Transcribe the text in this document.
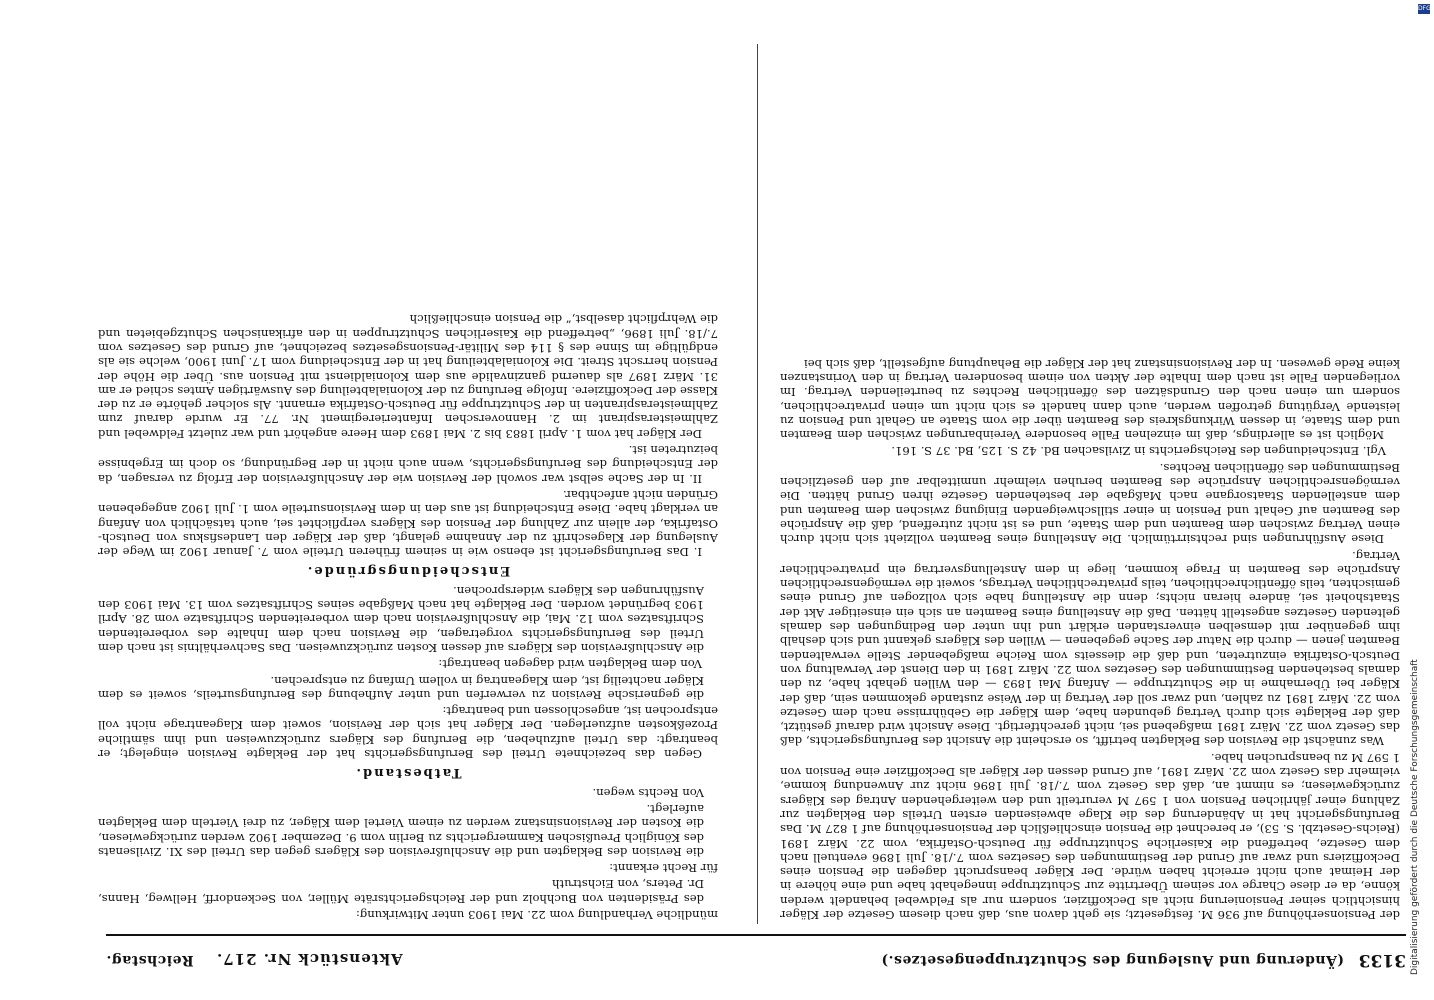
3133
(Änderung und Auslegung des Schutztruppengesetzes.)
Aktenstück Nr. 217.
Reichstag.

der Pensionserhöhung auf 936 M. festgesetzt; sie geht davon aus, daß nach diesem Gesetze der Kläger hinsichtlich seiner Pensionierung nicht als Deckoffizier, sondern nur als Feldwebel behandelt werden könne, da er diese Charge vor seinem Übertritte zur Schutztruppe innegehabt habe und eine höhere in der Heimat auch nicht erreicht haben würde. Der Kläger beansprucht dagegen die Pension eines Deckoffiziers und zwar auf Grund der Bestimmungen des Gesetzes vom 7./18. Juli 1896 eventuell nach dem Gesetze, betreffend die Kaiserliche Schutztruppe für Deutsch-Ostafrika, vom 22. März 1891 (Reichs-Gesetzbl. S. 53), er berechnet die Pension einschließlich der Pensionserhöhung auf 1 827 M. Das Berufungsgericht hat in Abänderung des die Klage abweisenden ersten Urteils den Beklagten zur Zahlung einer jährlichen Pension von 1 597 M verurteilt und den weitergehenden Antrag des Klägers zurückgewiesen; es nimmt an, daß das Gesetz vom 7./18. Juli 1896 nicht zur Anwendung komme, vielmehr das Gesetz vom 22. März 1891, auf Grund dessen der Kläger als Deckoffizier eine Pension von 1 597 M zu beanspruchen habe.

Was zunächst die Revision des Beklagten betrifft, so erscheint die Ansicht des Berufungsgerichts, daß das Gesetz vom 22. März 1891 maßgebend sei, nicht gerechtfertigt. Diese Ansicht wird darauf gestützt, daß der Beklagte sich durch Vertrag gebunden habe, dem Kläger die Gebührnisse nach dem Gesetze vom 22. März 1891 zu zahlen, und zwar soll der Vertrag in der Weise zustande gekommen sein, daß der Kläger bei Übernahme in die Schutztruppe — Anfang Mai 1893 — den Willen gehabt habe, zu den damals bestehenden Bestimmungen des Gesetzes vom 22. März 1891 in den Dienst der Verwaltung von Deutsch-Ostafrika einzutreten, und daß die diesseits vom Reiche maßgebender Stelle verwaltenden Beamten jenen — durch die Natur der Sache gegebenen — Willen des Klägers gekannt und sich deshalb ihm gegenüber mit demselben einverstanden erklärt und ihn unter den Bedingungen des damals geltenden Gesetzes angestellt hätten. Daß die Anstellung eines Beamten an sich ein einseitiger Akt der Staatshoheit sei, ändere hieran nichts; denn die Anstellung habe sich vollzogen auf Grund eines gemischten, teils öffentlichrechtlichen, teils privatrechtlichen Vertrags, soweit die vermögensrechtlichen Ansprüche des Beamten in Frage kommen, liege in dem Anstellungsvertrag ein privatrechtlicher Vertrag.

Diese Ausführungen sind rechtsirrtümlich. Die Anstellung eines Beamten vollzieht sich nicht durch einen Vertrag zwischen dem Beamten und dem Staate, und es ist nicht zutreffend, daß die Ansprüche des Beamten auf Gehalt und Pension in einer stillschweigenden Einigung zwischen dem Beamten und dem anstellenden Staatsorgane nach Maßgabe der bestehenden Gesetze ihren Grund hätten. Die vermögensrechtlichen Ansprüche des Beamten beruhen vielmehr unmittelbar auf den gesetzlichen Bestimmungen des öffentlichen Rechtes.

Vgl. Entscheidungen des Reichsgerichts in Zivilsachen Bd. 42 S. 125, Bd. 37 S. 161.

Möglich ist es allerdings, daß im einzelnen Falle besondere Vereinbarungen zwischen dem Beamten und dem Staate, in dessen Wirkungskreis des Beamten über die vom Staate an Gehalt und Pension zu leistende Vergütung getroffen werden, auch dann handelt es sich nicht um einen privatrechtlichen, sondern um einen nach den Grundsätzen des öffentlichen Rechtes zu beurteilenden Vertrag. Im vorliegenden Falle ist nach dem Inhalte der Akten von einem besonderen Vertrag in den Vorinstanzen keine Rede gewesen. In der Revisionsinstanz hat der Kläger die Behauptung aufgestellt, daß sich bei

mündliche Verhandlung vom 22. Mai 1903 unter Mitwirkung:

des Präsidenten von Buchholz und der Reichsgerichtsräte Müller, von Seckendorff, Hellweg, Hanns, Dr. Peters, von Eichstruth

für Recht erkannt:

die Revision des Beklagten und die Anschlußrevision des Klägers gegen das Urteil des XI. Zivilsenats des Königlich Preußischen Kammergerichts zu Berlin vom 9. Dezember 1902 werden zurückgewiesen, die Kosten der Revisionsinstanz werden zu einem Viertel dem Kläger, zu drei Vierteln dem Beklagten auferlegt.

Von Rechts wegen.

Tatbestand.

Gegen das bezeichnete Urteil des Berufungsgerichts hat der Beklagte Revision eingelegt; er beantragt: das Urteil aufzuheben, die Berufung des Klägers zurückzuweisen und ihm sämtliche Prozeßkosten aufzuerlegen. Der Kläger hat sich der Revision, soweit dem Klageantrage nicht voll entsprochen ist, angeschlossen und beantragt:

die gegnerische Revision zu verwerfen und unter Aufhebung des Berufungsurteils, soweit es dem Kläger nachteilig ist, dem Klageantrag in vollem Umfang zu entsprechen.

Von dem Beklagten wird dagegen beantragt:

die Anschlußrevision des Klägers auf dessen Kosten zurückzuweisen. Das Sachverhältnis ist nach dem Urteil des Berufungsgerichts vorgetragen, die Revision nach dem Inhalte des vorbereitenden Schriftsatzes vom 12. Mai, die Anschlußrevision nach dem vorbereitenden Schriftsatze vom 28. April 1903 begründet worden. Der Beklagte hat nach Maßgabe seines Schriftsatzes vom 13. Mai 1903 den Ausführungen des Klägers widersprochen.

Entscheidungsgründe.

I. Das Berufungsgericht ist ebenso wie in seinem früheren Urteile vom 7. Januar 1902 im Wege der Auslegung der Klageschrift zu der Annahme gelangt, daß der Kläger den Landesfiskus von Deutsch-Ostafrika, der allein zur Zahlung der Pension des Klägers verpflichtet sei, auch tatsächlich von Anfang an verklagt habe. Diese Entscheidung ist aus den in dem Revisionsurteile vom 1. Juli 1902 angegebenen Gründen nicht anfechtbar.

II. In der Sache selbst war sowohl der Revision wie der Anschlußrevision der Erfolg zu versagen, da der Entscheidung des Berufungsgerichts, wenn auch nicht in der Begründung, so doch im Ergebnisse beizutreten ist.

Der Kläger hat vom 1. April 1883 bis 2. Mai 1893 dem Heere angehört und war zuletzt Feldwebel und Zahlmeisteraspirant im 2. Hannoverschen Infanterieregiment Nr. 77. Er wurde darauf zum Zahlmeisteraspiranten in der Schutztruppe für Deutsch-Ostafrika ernannt. Als solcher gehörte er zu der Klasse der Deckoffiziere. Infolge Berufung zu der Kolonialabteilung des Auswärtigen Amtes schied er am 31. März 1897 als dauernd ganzinvalide aus dem Kolonialdienst mit Pension aus. Über die Höhe der Pension herrscht Streit. Die Kolonialabteilung hat in der Entscheidung vom 17. Juni 1900, welche sie als endgültige im Sinne des § 114 des Militär-Pensionsgesetzes bezeichnet, auf Grund des Gesetzes vom 7./18. Juli 1896, „betreffend die Kaiserlichen Schutztruppen in den afrikanischen Schutzgebieten und die Wehrpflicht daselbst,“ die Pension einschließlich

Digitalisierung gefördert durch die Deutsche Forschungsgemeinschaft
DFG
